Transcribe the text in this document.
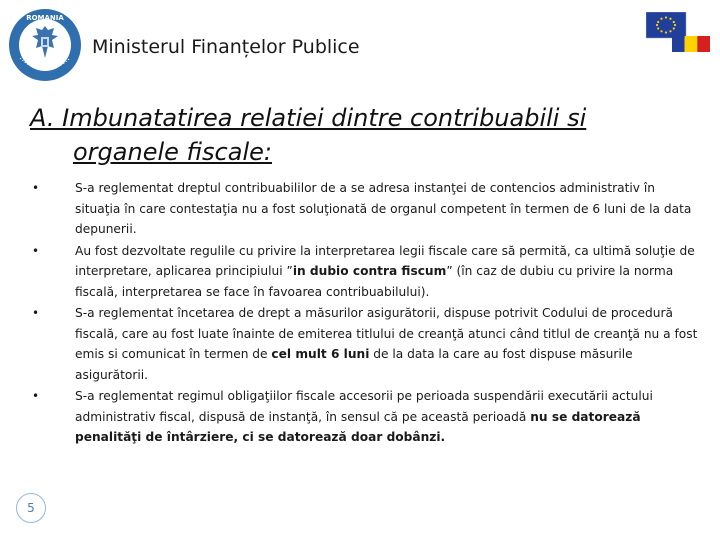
ROMANIA
Ministerul Finanțelor Publice
A. Imbunatatirea relatiei dintre contribuabili si
organele fiscale:
•	S-a reglementat dreptul contribuabililor de a se adresa instanţei de contencios administrativ în situaţia în care contestaţia nu a fost soluţionată de organul competent în termen de 6 luni de la data depunerii.
•	Au fost dezvoltate regulile cu privire la interpretarea legii fiscale care să permită, ca ultimă soluţie de interpretare, aplicarea principiului ”in dubio contra fiscum” (în caz de dubiu cu privire la norma fiscală, interpretarea se face în favoarea contribuabilului).
•	S-a reglementat încetarea de drept a măsurilor asigurătorii, dispuse potrivit Codului de procedură fiscală, care au fost luate înainte de emiterea titlului de creanţă atunci când titlul de creanţă nu a fost emis si comunicat în termen de cel mult 6 luni de la data la care au fost dispuse măsurile asigurătorii.
•	S-a reglementat regimul obligaţiilor fiscale accesorii pe perioada suspendării executării actului administrativ fiscal, dispusă de instanţă, în sensul că pe această perioadă nu se datorează penalităţi de întârziere, ci se datorează doar dobânzi.
5
